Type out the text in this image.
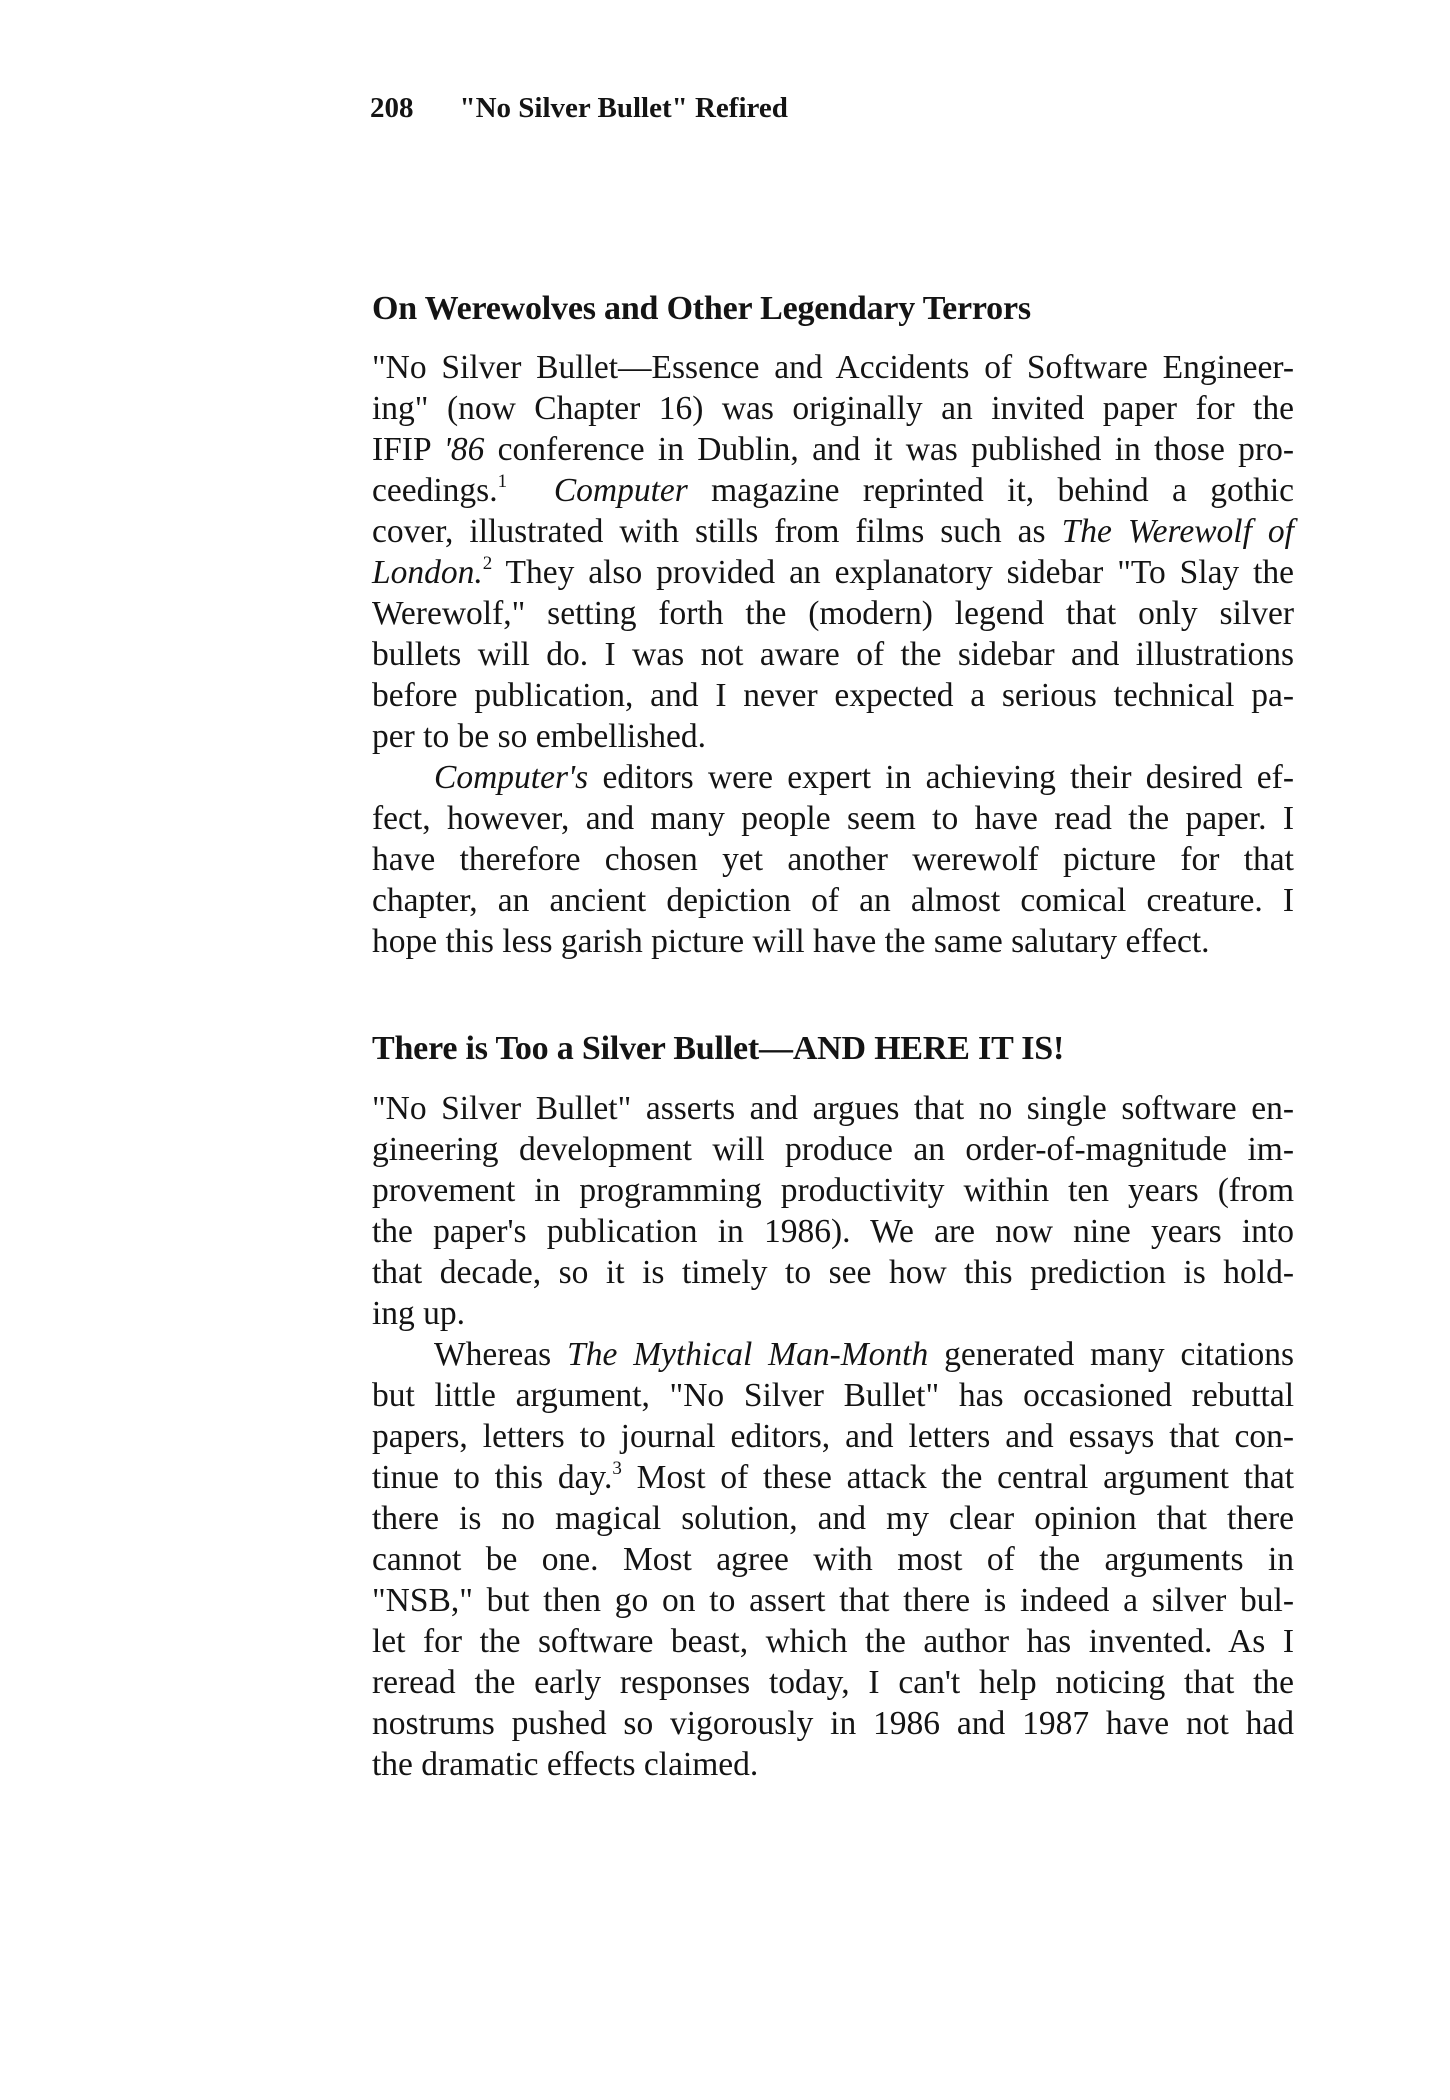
208 "No Silver Bullet" Refired
On Werewolves and Other Legendary Terrors
"No Silver Bullet—Essence and Accidents of Software Engineer-
ing" (now Chapter 16) was originally an invited paper for the
IFIP '86 conference in Dublin, and it was published in those pro-
ceedings.$^1$ Computer magazine reprinted it, behind a gothic
cover, illustrated with stills from films such as The Werewolf of
London.$^2$ They also provided an explanatory sidebar "To Slay the
Werewolf," setting forth the (modern) legend that only silver
bullets will do. I was not aware of the sidebar and illustrations
before publication, and I never expected a serious technical pa-
per to be so embellished.
Computer's editors were expert in achieving their desired ef-
fect, however, and many people seem to have read the paper. I
have therefore chosen yet another werewolf picture for that
chapter, an ancient depiction of an almost comical creature. I
hope this less garish picture will have the same salutary effect.
There is Too a Silver Bullet—AND HERE IT IS!
"No Silver Bullet" asserts and argues that no single software en-
gineering development will produce an order-of-magnitude im-
provement in programming productivity within ten years (from
the paper's publication in 1986). We are now nine years into
that decade, so it is timely to see how this prediction is hold-
ing up.
Whereas The Mythical Man-Month generated many citations
but little argument, "No Silver Bullet" has occasioned rebuttal
papers, letters to journal editors, and letters and essays that con-
tinue to this day.$^3$ Most of these attack the central argument that
there is no magical solution, and my clear opinion that there
cannot be one. Most agree with most of the arguments in
"NSB," but then go on to assert that there is indeed a silver bul-
let for the software beast, which the author has invented. As I
reread the early responses today, I can't help noticing that the
nostrums pushed so vigorously in 1986 and 1987 have not had
the dramatic effects claimed.
